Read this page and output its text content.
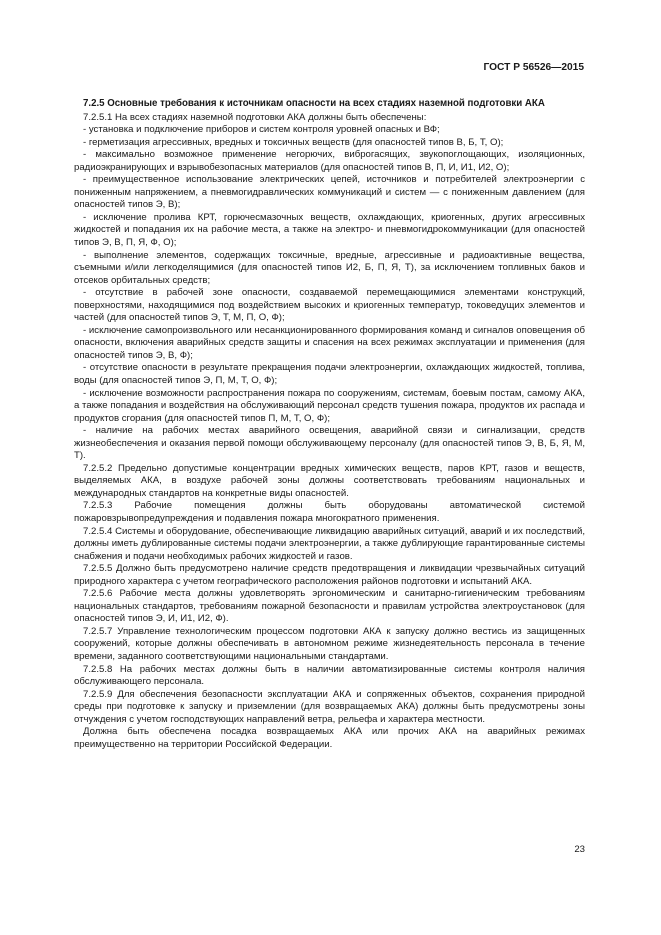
ГОСТ Р 56526—2015

7.2.5 Основные требования к источникам опасности на всех стадиях наземной подготовки АКА

7.2.5.1 На всех стадиях наземной подготовки АКА должны быть обеспечены:

- установка и подключение приборов и систем контроля уровней опасных и ВФ;

- герметизация агрессивных, вредных и токсичных веществ (для опасностей типов В, Б, Т, О);

- максимально возможное применение негорючих, виброгасящих, звукопоглощающих, изоляционных, радиоэкранирующих и взрывобезопасных материалов (для опасностей типов В, П, И, И1, И2, О);

- преимущественное использование электрических цепей, источников и потребителей электроэнергии с пониженным напряжением, а пневмогидравлических коммуникаций и систем — с пониженным давлением (для опасностей типов Э, В);

- исключение пролива КРТ, горючесмазочных веществ, охлаждающих, криогенных, других агрессивных жидкостей и попадания их на рабочие места, а также на электро- и пневмогидрокоммуникации (для опасностей типов Э, В, П, Я, Ф, О);

- выполнение элементов, содержащих токсичные, вредные, агрессивные и радиоактивные вещества, съемными и/или легкоделящимися (для опасностей типов И2, Б, П, Я, Т), за исключением топливных баков и отсеков орбитальных средств;

- отсутствие в рабочей зоне опасности, создаваемой перемещающимися элементами конструкций, поверхностями, находящимися под воздействием высоких и криогенных температур, токоведущих элементов и частей (для опасностей типов Э, Т, М, П, О, Ф);

- исключение самопроизвольного или несанкционированного формирования команд и сигналов оповещения об опасности, включения аварийных средств защиты и спасения на всех режимах эксплуатации и применения (для опасностей типов Э, В, Ф);

- отсутствие опасности в результате прекращения подачи электроэнергии, охлаждающих жидкостей, топлива, воды (для опасностей типов Э, П, М, Т, О, Ф);

- исключение возможности распространения пожара по сооружениям, системам, боевым постам, самому АКА, а также попадания и воздействия на обслуживающий персонал средств тушения пожара, продуктов их распада и продуктов сгорания (для опасностей типов П, М, Т, О, Ф);

- наличие на рабочих местах аварийного освещения, аварийной связи и сигнализации, средств жизнеобеспечения и оказания первой помощи обслуживающему персоналу (для опасностей типов Э, В, Б, Я, М, Т).

7.2.5.2 Предельно допустимые концентрации вредных химических веществ, паров КРТ, газов и веществ, выделяемых АКА, в воздухе рабочей зоны должны соответствовать требованиям национальных и международных стандартов на конкретные виды опасностей.

7.2.5.3 Рабочие помещения должны быть оборудованы автоматической системой пожаровзрывопредупреждения и подавления пожара многократного применения.

7.2.5.4 Системы и оборудование, обеспечивающие ликвидацию аварийных ситуаций, аварий и их последствий, должны иметь дублированные системы подачи электроэнергии, а также дублирующие гарантированные системы снабжения и подачи необходимых рабочих жидкостей и газов.

7.2.5.5 Должно быть предусмотрено наличие средств предотвращения и ликвидации чрезвычайных ситуаций природного характера с учетом географического расположения районов подготовки и испытаний АКА.

7.2.5.6 Рабочие места должны удовлетворять эргономическим и санитарно-гигиеническим требованиям национальных стандартов, требованиям пожарной безопасности и правилам устройства электроустановок (для опасностей типов Э, И, И1, И2, Ф).

7.2.5.7 Управление технологическим процессом подготовки АКА к запуску должно вестись из защищенных сооружений, которые должны обеспечивать в автономном режиме жизнедеятельность персонала в течение времени, заданного соответствующими национальными стандартами.

7.2.5.8 На рабочих местах должны быть в наличии автоматизированные системы контроля наличия обслуживающего персонала.

7.2.5.9 Для обеспечения безопасности эксплуатации АКА и сопряженных объектов, сохранения природной среды при подготовке к запуску и приземлении (для возвращаемых АКА) должны быть предусмотрены зоны отчуждения с учетом господствующих направлений ветра, рельефа и характера местности.

Должна быть обеспечена посадка возвращаемых АКА или прочих АКА на аварийных режимах преимущественно на территории Российской Федерации.

23
